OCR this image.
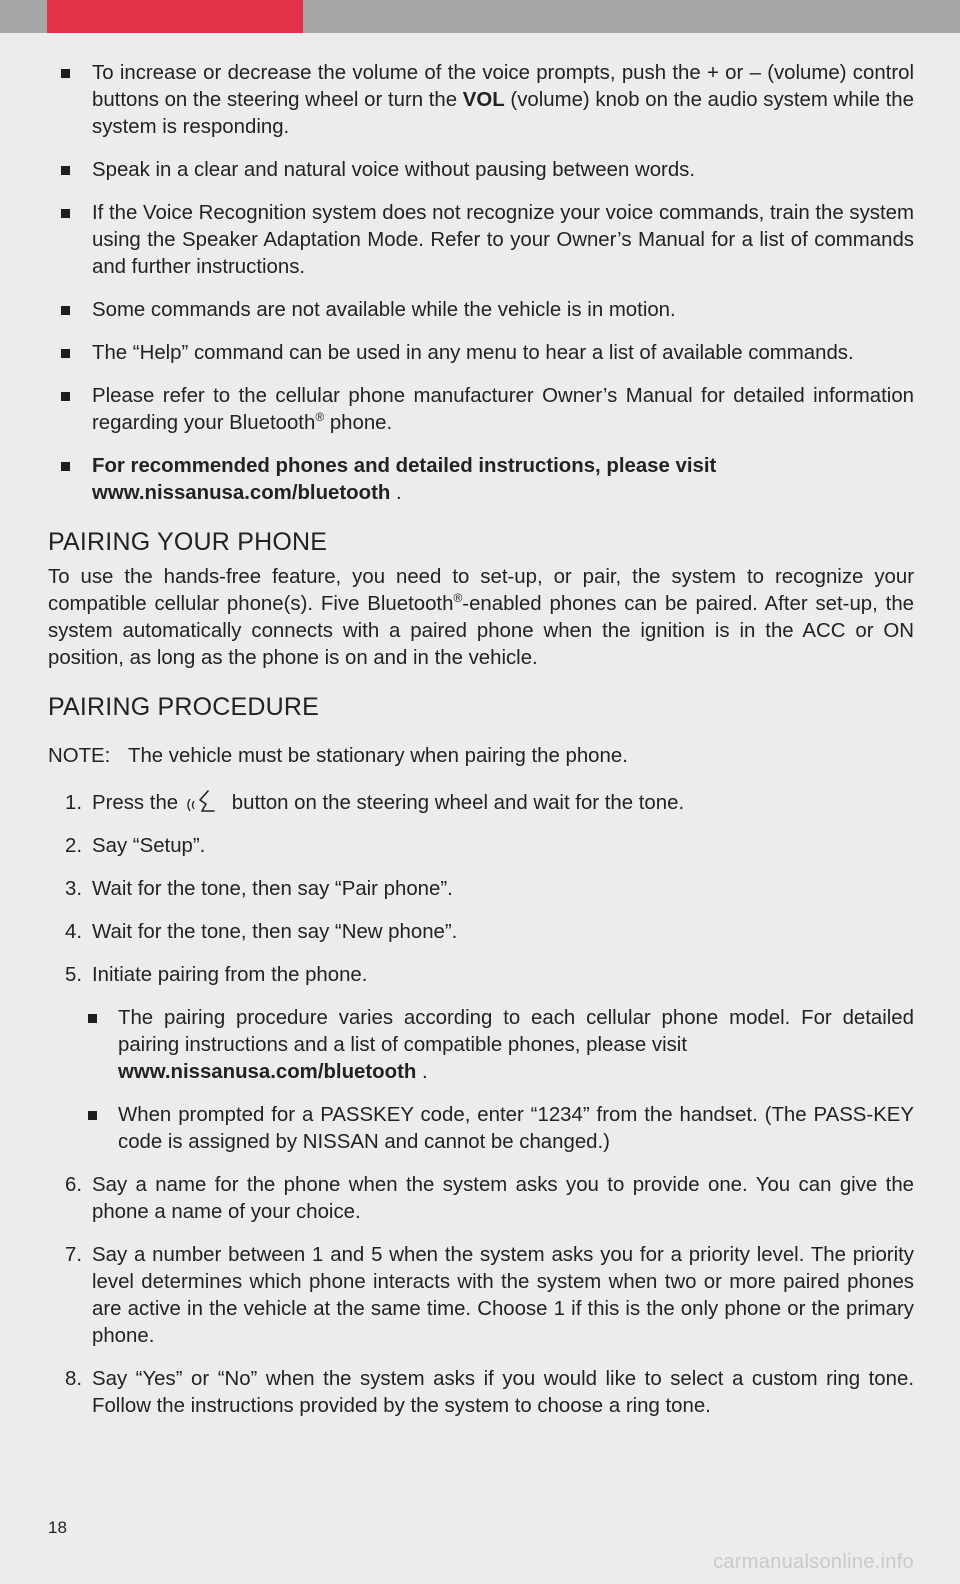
To increase or decrease the volume of the voice prompts, push the + or – (volume) control buttons on the steering wheel or turn the VOL (volume) knob on the audio system while the system is responding.
Speak in a clear and natural voice without pausing between words.
If the Voice Recognition system does not recognize your voice commands, train the system using the Speaker Adaptation Mode. Refer to your Owner’s Manual for a list of commands and further instructions.
Some commands are not available while the vehicle is in motion.
The “Help” command can be used in any menu to hear a list of available commands.
Please refer to the cellular phone manufacturer Owner’s Manual for detailed information regarding your Bluetooth® phone.
For recommended phones and detailed instructions, please visit
www.nissanusa.com/bluetooth .
PAIRING YOUR PHONE

To use the hands-free feature, you need to set-up, or pair, the system to recognize your compatible cellular phone(s). Five Bluetooth®-enabled phones can be paired. After set-up, the system automatically connects with a paired phone when the ignition is in the ACC or ON position, as long as the phone is on and in the vehicle.

PAIRING PROCEDURE

NOTE: The vehicle must be stationary when pairing the phone.

1. Press the button on the steering wheel and wait for the tone.
2. Say “Setup”.
3. Wait for the tone, then say “Pair phone”.
4. Wait for the tone, then say “New phone”.
5. Initiate pairing from the phone.
The pairing procedure varies according to each cellular phone model. For detailed pairing instructions and a list of compatible phones, please visit
www.nissanusa.com/bluetooth .
When prompted for a PASSKEY code, enter “1234” from the handset. (The PASS-KEY code is assigned by NISSAN and cannot be changed.)
6. Say a name for the phone when the system asks you to provide one. You can give the phone a name of your choice.
7. Say a number between 1 and 5 when the system asks you for a priority level. The priority level determines which phone interacts with the system when two or more paired phones are active in the vehicle at the same time. Choose 1 if this is the only phone or the primary phone.
8. Say “Yes” or “No” when the system asks if you would like to select a custom ring tone. Follow the instructions provided by the system to choose a ring tone.
18
carmanualsonline.info
